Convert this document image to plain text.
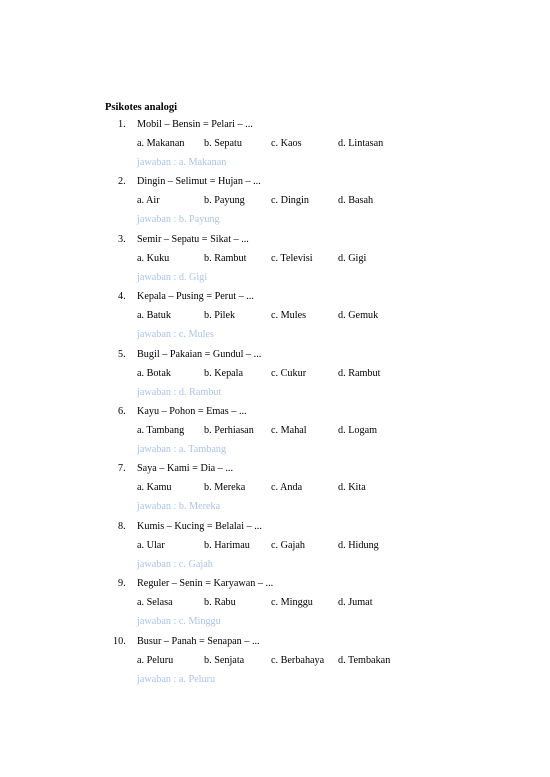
Psikotes analogi
1.	Mobil – Bensin = Pelari – ...
a. Makanan b. Sepatu	c. Kaos	d. Lintasan
jawaban : a. Makanan
2.	Dingin – Selimut = Hujan – ...
a. Air	b. Payung	c. Dingin	d. Basah
jawaban : b. Payung
3.	Semir – Sepatu = Sikat – ...
a. Kuku	b. Rambut c. Televisi d. Gigi
jawaban : d. Gigi
4.	Kepala – Pusing = Perut – ...
a. Batuk	b. Pilek	c. Mules	d. Gemuk
jawaban : c. Mules
5.	Bugil – Pakaian = Gundul – ...
a. Botak	b. Kepala	c. Cukur	d. Rambut
jawaban : d. Rambut
6.	Kayu – Pohon = Emas – ...
a. Tambang b. Perhiasan c. Mahal	d. Logam
jawaban : a. Tambang
7.	Saya – Kami = Dia – ...
a. Kamu	b. Mereka	c. Anda	d. Kita
jawaban : b. Mereka
8.	Kumis – Kucing = Belalai – ...
a. Ular	b. Harimau c. Gajah	d. Hidung
jawaban : c. Gajah
9.	Reguler – Senin = Karyawan – ...
a. Selasa	b. Rabu	c. Minggu d. Jumat
jawaban : c. Minggu
10.	Busur – Panah = Senapan – ...
a. Peluru	b. Senjata	c. Berbahaya d. Tembakan
jawaban : a. Peluru
